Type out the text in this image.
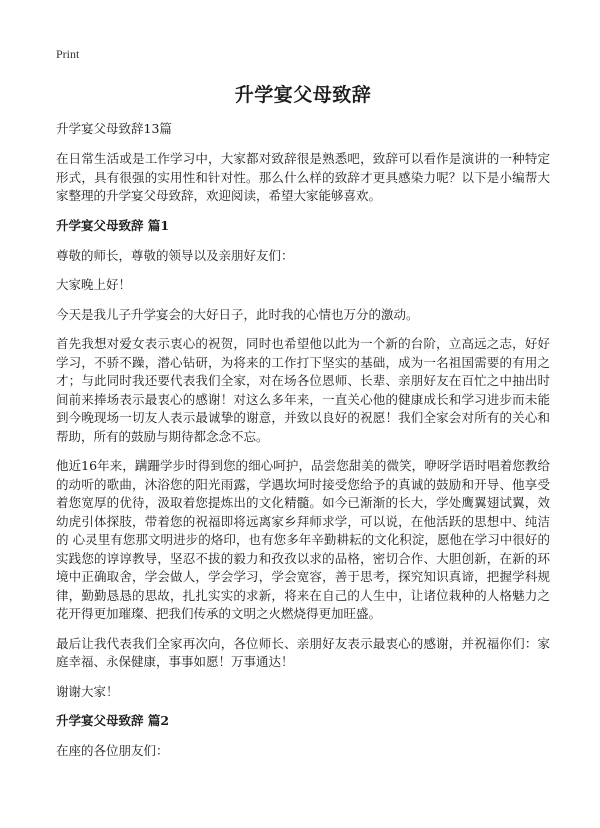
Print
升学宴父母致辞

升学宴父母致辞13篇

在日常生活或是工作学习中，大家都对致辞很是熟悉吧，致辞可以看作是演讲的一种特定形式，具有很强的实用性和针对性。那么什么样的致辞才更具感染力呢？以下是小编帮大家整理的升学宴父母致辞，欢迎阅读，希望大家能够喜欢。

升学宴父母致辞 篇1

尊敬的师长，尊敬的领导以及亲朋好友们：

大家晚上好！

今天是我儿子升学宴会的大好日子，此时我的心情也万分的激动。

首先我想对爱女表示衷心的祝贺，同时也希望他以此为一个新的台阶，立高远之志，好好学习，不骄不躁，潜心钻研，为将来的工作打下坚实的基础，成为一名祖国需要的有用之才；与此同时我还要代表我们全家，对在场各位恩师、长辈、亲朋好友在百忙之中抽出时间前来捧场表示最衷心的感谢！对这么多年来，一直关心他的健康成长和学习进步而未能到今晚现场一切友人表示最诚挚的谢意，并致以良好的祝愿！我们全家会对所有的关心和帮助，所有的鼓励与期待都念念不忘。

他近16年来，蹒跚学步时得到您的细心呵护，品尝您甜美的微笑，咿呀学语时唱着您教给的动听的歌曲，沐浴您的阳光雨露，学遇坎坷时接受您给予的真诚的鼓励和开导、他享受着您宽厚的优待，汲取着您提炼出的文化精髓。如今已渐渐的长大，学处鹰翼翅试翼，效幼虎引体探肢，带着您的祝福即将远离家乡拜师求学，可以说，在他活跃的思想中、纯洁的 心灵里有您那文明进步的烙印，也有您多年辛勤耕耘的文化积淀，愿他在学习中很好的实践您的谆谆教导，坚忍不拔的毅力和孜孜以求的品格，密切合作、大胆创新，在新的环境中正确取舍，学会做人，学会学习，学会宽容，善于思考，探究知识真谛，把握学科规律，勤勤恳恳的思故，扎扎实实的求新，将来在自己的人生中，让诸位栽种的人格魅力之花开得更加璀璨、把我们传承的文明之火燃烧得更加旺盛。

最后让我代表我们全家再次向，各位师长、亲朋好友表示最衷心的感谢，并祝福你们：家庭幸福、永保健康，事事如愿！万事通达！

谢谢大家！

升学宴父母致辞 篇2

在座的各位朋友们：
